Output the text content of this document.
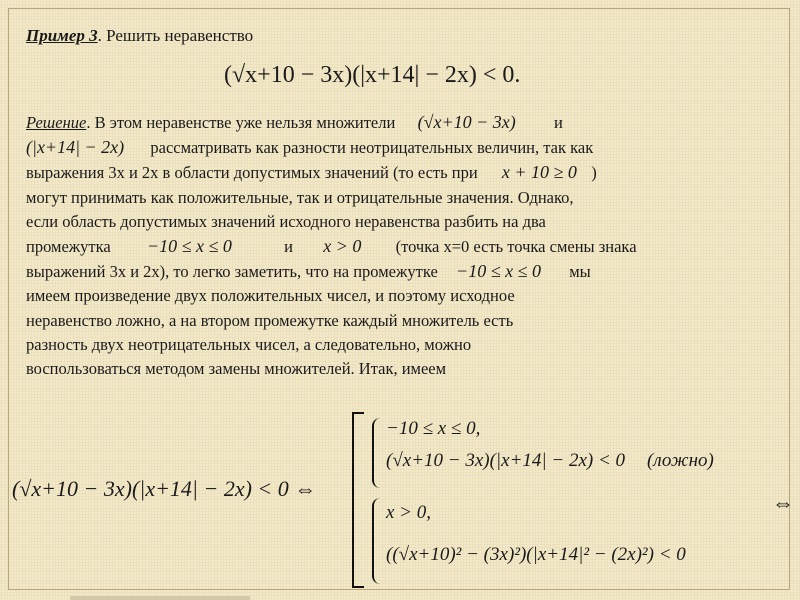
Пример 3. Решить неравенство
(√x+10 − 3x)(|x+14| − 2x) < 0.
Решение. В этом неравенстве уже нельзя множители (√x+10 − 3x) и
(|x+14| − 2x) рассматривать как разности неотрицательных величин, так как
выражения 3x и 2x в области допустимых значений (то есть при x + 10 ≥ 0 )
могут принимать как положительные, так и отрицательные значения. Однако,
если область допустимых значений исходного неравенства разбить на два
промежутка −10 ≤ x ≤ 0	и x > 0 (точка x=0 есть точка смены знака
выражений 3x и 2x), то легко заметить, что на промежутке −10 ≤ x ≤ 0 мы
имеем произведение двух положительных чисел, и поэтому исходное
неравенство ложно, а на втором промежутке каждый множитель есть
разность двух неотрицательных чисел, а следовательно, можно
воспользоваться методом замены множителей. Итак, имеем
(√x+10 − 3x)(|x+14| − 2x) < 0 ⇔
−10 ≤ x ≤ 0,
(√x+10 − 3x)(|x+14| − 2x) < 0 (ложно)
x > 0,
((√x+10)² − (3x)²)(|x+14|² − (2x)²) < 0
⇔
